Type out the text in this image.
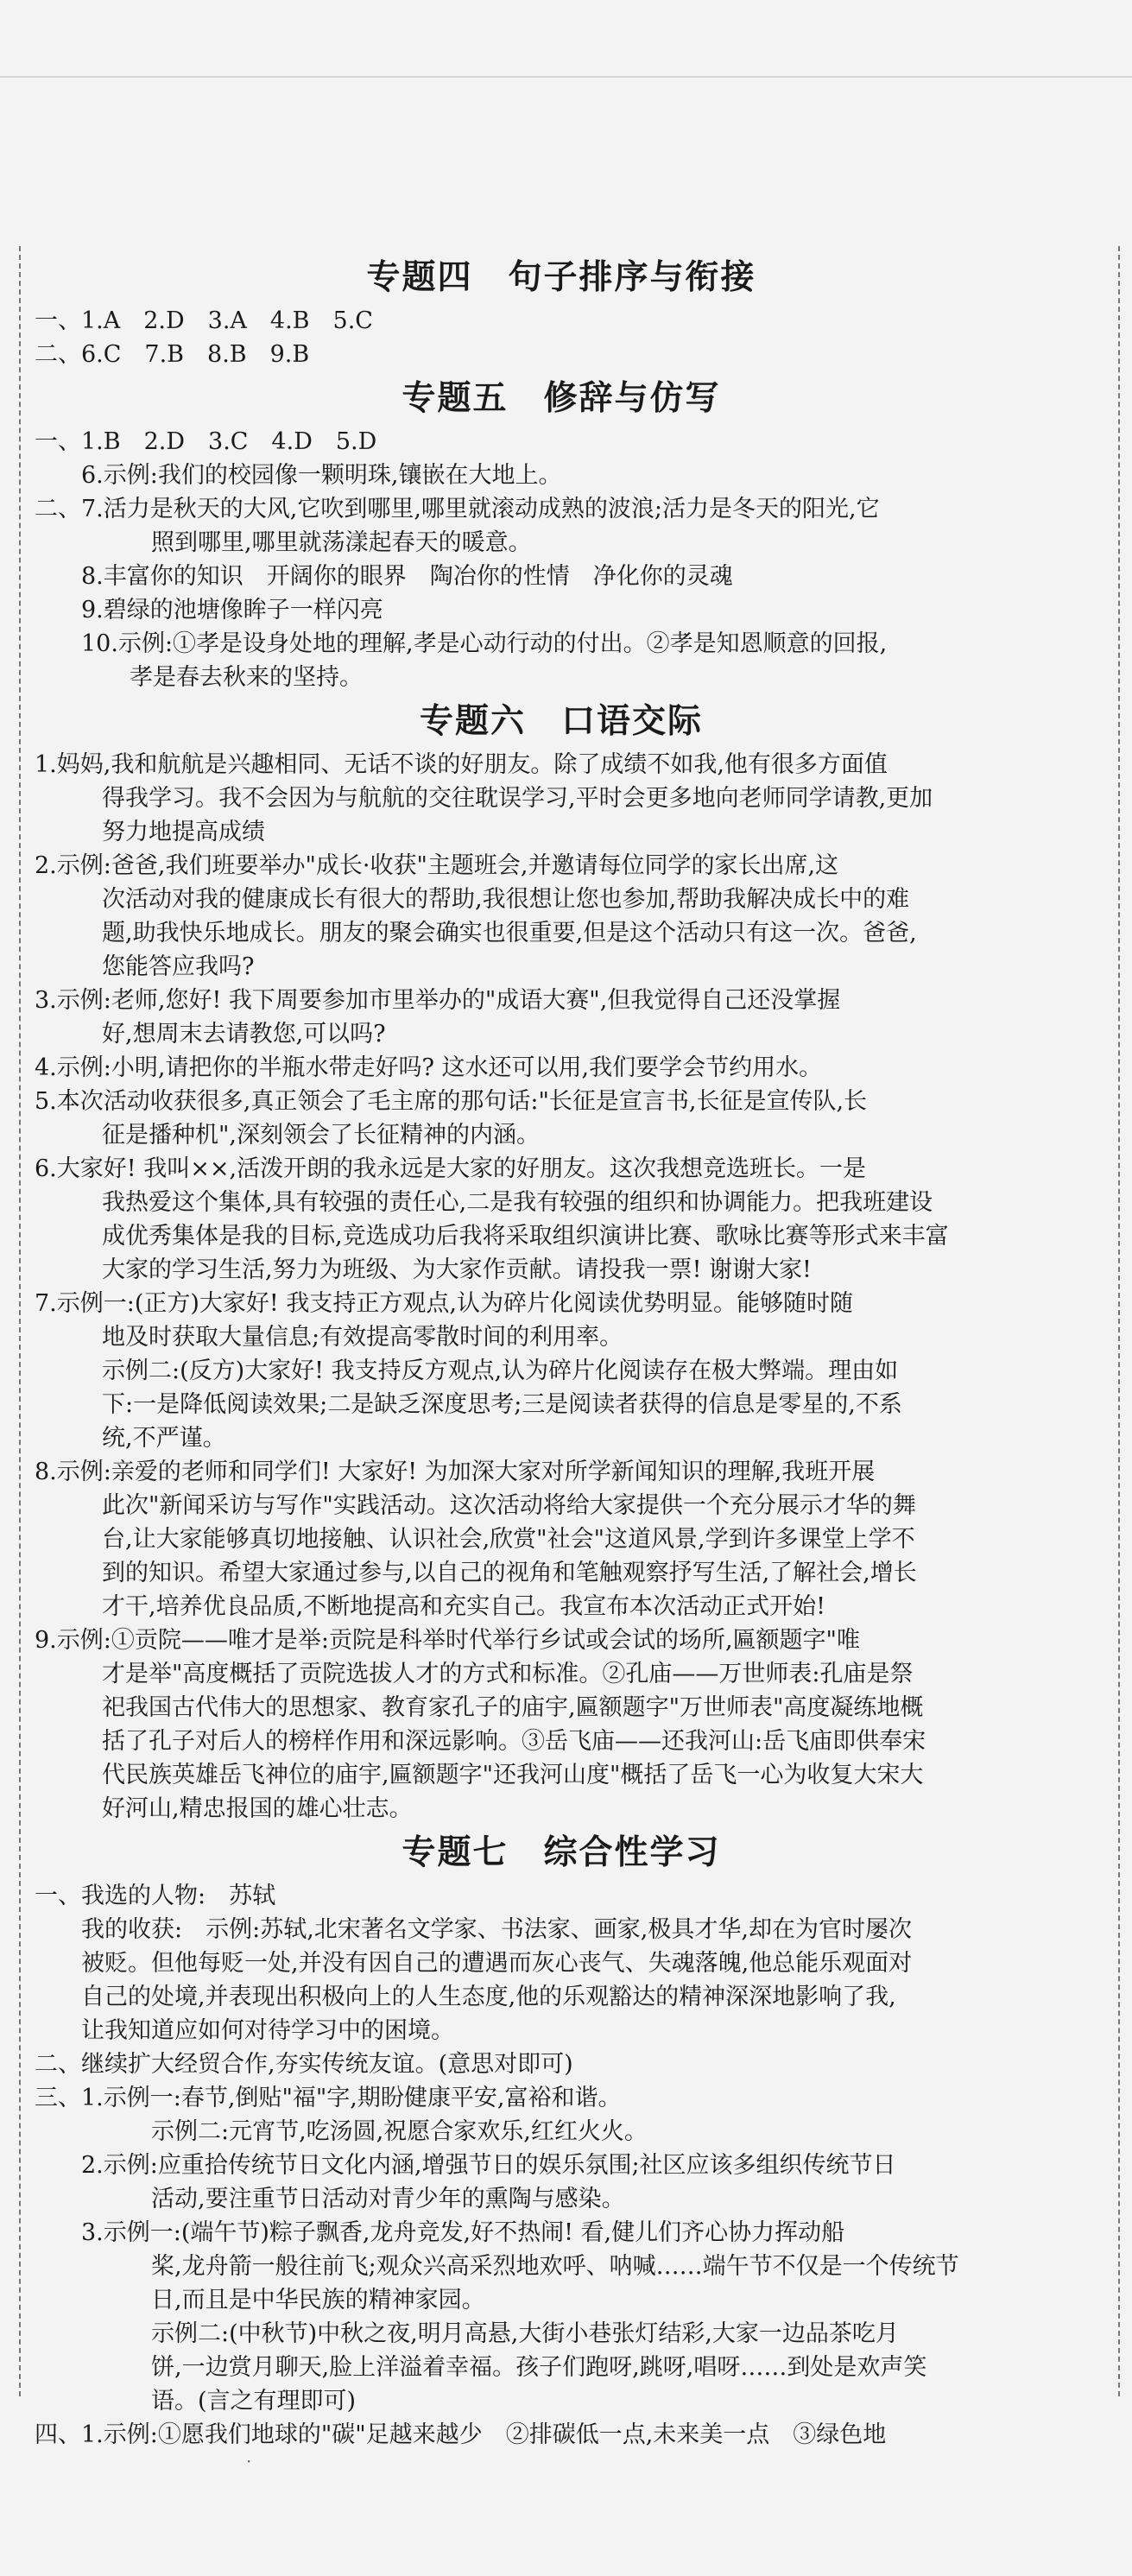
专题四　句子排序与衔接
一、1.A　2.D　3.A　4.B　5.C
二、6.C　7.B　8.B　9.B
专题五　修辞与仿写
一、1.B　2.D　3.C　4.D　5.D
6.示例:我们的校园像一颗明珠,镶嵌在大地上。
二、7.活力是秋天的大风,它吹到哪里,哪里就滚动成熟的波浪;活力是冬天的阳光,它
照到哪里,哪里就荡漾起春天的暖意。
8.丰富你的知识　开阔你的眼界　陶冶你的性情　净化你的灵魂
9.碧绿的池塘像眸子一样闪亮
10.示例:①孝是设身处地的理解,孝是心动行动的付出。②孝是知恩顺意的回报,
孝是春去秋来的坚持。
专题六　口语交际
1.妈妈,我和航航是兴趣相同、无话不谈的好朋友。除了成绩不如我,他有很多方面值
得我学习。我不会因为与航航的交往耽误学习,平时会更多地向老师同学请教,更加
努力地提高成绩
2.示例:爸爸,我们班要举办"成长·收获"主题班会,并邀请每位同学的家长出席,这
次活动对我的健康成长有很大的帮助,我很想让您也参加,帮助我解决成长中的难
题,助我快乐地成长。朋友的聚会确实也很重要,但是这个活动只有这一次。爸爸,
您能答应我吗?
3.示例:老师,您好! 我下周要参加市里举办的"成语大赛",但我觉得自己还没掌握
好,想周末去请教您,可以吗?
4.示例:小明,请把你的半瓶水带走好吗? 这水还可以用,我们要学会节约用水。
5.本次活动收获很多,真正领会了毛主席的那句话:"长征是宣言书,长征是宣传队,长
征是播种机",深刻领会了长征精神的内涵。
6.大家好! 我叫××,活泼开朗的我永远是大家的好朋友。这次我想竞选班长。一是
我热爱这个集体,具有较强的责任心,二是我有较强的组织和协调能力。把我班建设
成优秀集体是我的目标,竞选成功后我将采取组织演讲比赛、歌咏比赛等形式来丰富
大家的学习生活,努力为班级、为大家作贡献。请投我一票! 谢谢大家!
7.示例一:(正方)大家好! 我支持正方观点,认为碎片化阅读优势明显。能够随时随
地及时获取大量信息;有效提高零散时间的利用率。
示例二:(反方)大家好! 我支持反方观点,认为碎片化阅读存在极大弊端。理由如
下:一是降低阅读效果;二是缺乏深度思考;三是阅读者获得的信息是零星的,不系
统,不严谨。
8.示例:亲爱的老师和同学们! 大家好! 为加深大家对所学新闻知识的理解,我班开展
此次"新闻采访与写作"实践活动。这次活动将给大家提供一个充分展示才华的舞
台,让大家能够真切地接触、认识社会,欣赏"社会"这道风景,学到许多课堂上学不
到的知识。希望大家通过参与,以自己的视角和笔触观察抒写生活,了解社会,增长
才干,培养优良品质,不断地提高和充实自己。我宣布本次活动正式开始!
9.示例:①贡院——唯才是举:贡院是科举时代举行乡试或会试的场所,匾额题字"唯
才是举"高度概括了贡院选拔人才的方式和标准。②孔庙——万世师表:孔庙是祭
祀我国古代伟大的思想家、教育家孔子的庙宇,匾额题字"万世师表"高度凝练地概
括了孔子对后人的榜样作用和深远影响。③岳飞庙——还我河山:岳飞庙即供奉宋
代民族英雄岳飞神位的庙宇,匾额题字"还我河山度"概括了岳飞一心为收复大宋大
好河山,精忠报国的雄心壮志。
专题七　综合性学习
一、我选的人物:　苏轼
我的收获:　示例:苏轼,北宋著名文学家、书法家、画家,极具才华,却在为官时屡次
被贬。但他每贬一处,并没有因自己的遭遇而灰心丧气、失魂落魄,他总能乐观面对
自己的处境,并表现出积极向上的人生态度,他的乐观豁达的精神深深地影响了我,
让我知道应如何对待学习中的困境。
二、继续扩大经贸合作,夯实传统友谊。(意思对即可)
三、1.示例一:春节,倒贴"福"字,期盼健康平安,富裕和谐。
示例二:元宵节,吃汤圆,祝愿合家欢乐,红红火火。
2.示例:应重拾传统节日文化内涵,增强节日的娱乐氛围;社区应该多组织传统节日
活动,要注重节日活动对青少年的熏陶与感染。
3.示例一:(端午节)粽子飘香,龙舟竞发,好不热闹! 看,健儿们齐心协力挥动船
桨,龙舟箭一般往前飞;观众兴高采烈地欢呼、呐喊……端午节不仅是一个传统节
日,而且是中华民族的精神家园。
示例二:(中秋节)中秋之夜,明月高悬,大街小巷张灯结彩,大家一边品茶吃月
饼,一边赏月聊天,脸上洋溢着幸福。孩子们跑呀,跳呀,唱呀……到处是欢声笑
语。(言之有理即可)
四、1.示例:①愿我们地球的"碳"足越来越少　②排碳低一点,未来美一点　③绿色地
·
